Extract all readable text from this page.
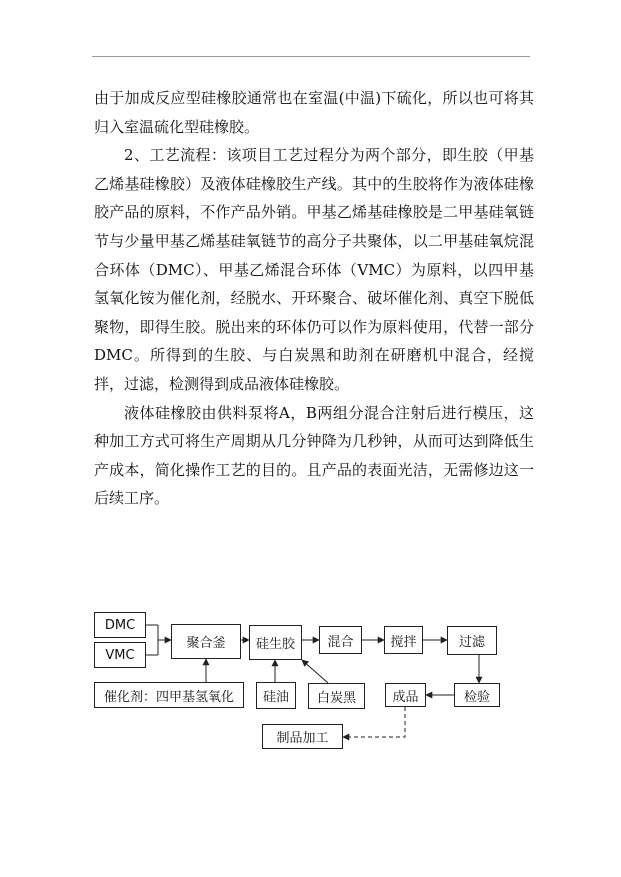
由于加成反应型硅橡胶通常也在室温(中温)下硫化，所以也可将其归入室温硫化型硅橡胶。

2、工艺流程：该项目工艺过程分为两个部分，即生胶（甲基乙烯基硅橡胶）及液体硅橡胶生产线。其中的生胶将作为液体硅橡胶产品的原料，不作产品外销。甲基乙烯基硅橡胶是二甲基硅氧链节与少量甲基乙烯基硅氧链节的高分子共聚体，以二甲基硅氧烷混合环体（DMC）、甲基乙烯混合环体（VMC）为原料，以四甲基氢氧化铵为催化剂，经脱水、开环聚合、破坏催化剂、真空下脱低聚物，即得生胶。脱出来的环体仍可以作为原料使用，代替一部分DMC。所得到的生胶、与白炭黑和助剂在研磨机中混合，经搅拌，过滤，检测得到成品液体硅橡胶。

液体硅橡胶由供料泵将A，B两组分混合注射后进行模压，这种加工方式可将生产周期从几分钟降为几秒钟，从而可达到降低生产成本，简化操作工艺的目的。且产品的表面光洁，无需修边这一后续工序。

DMC
VMC
聚合釜	硅生胶	混合	搅拌	过滤
催化剂：四甲基氢氧化	硅油	白炭黑	成品	检验
制品加工
